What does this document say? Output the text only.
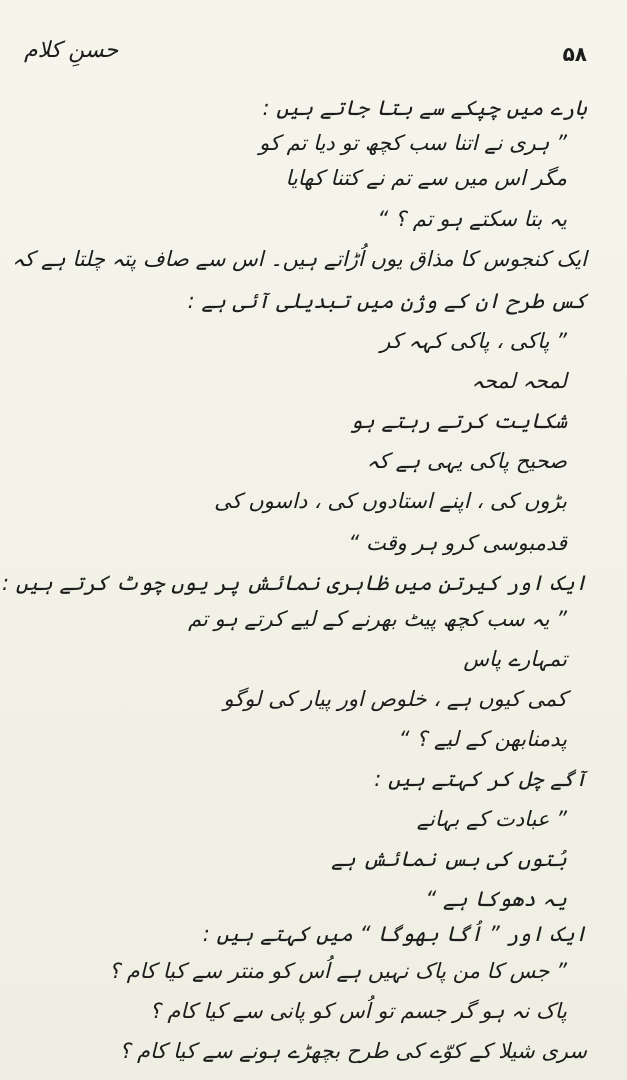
حسنِ کلام	۵۸
بارے میں چپکے سے بتا جاتے ہیں :
” ہری نے اتنا سب کچھ تو دیا تم کو
مگر اس میں سے تم نے کتنا کھایا
یہ بتا سکتے ہو تم ؟ “
ایک کنجوس کا مذاق یوں اُڑاتے ہیں۔ اس سے صاف پتہ چلتا ہے کہ
کس طرح ان کے وژن میں تبدیلی آئی ہے :
” پاکی ، پاکی کہہ کر
لمحہ لمحہ
شکایت کرتے رہتے ہو
صحیح پاکی یہی ہے کہ
بڑوں کی ، اپنے استادوں کی ، داسوں کی
قدمبوسی کرو ہر وقت “
ایک اور کیرتن میں ظاہری نمائش پر یوں چوٹ کرتے ہیں :
” یہ سب کچھ پیٹ بھرنے کے لیے کرتے ہو تم
تمہارے پاس
کمی کیوں ہے ، خلوص اور پیار کی لوگو
پدمنابھن کے لیے ؟ “
آگے چل کر کہتے ہیں :
” عبادت کے بہانے
بُتوں کی بس نمائش ہے
یہ دھوکا ہے “
ایک اور ” اُگا بھوگا “ میں کہتے ہیں :
” جس کا من پاک نہیں ہے اُس کو منتر سے کیا کام ؟
پاک نہ ہو گر جسم تو اُس کو پانی سے کیا کام ؟
سری شیلا کے کوّے کی طرح بچھڑے ہونے سے کیا کام ؟
